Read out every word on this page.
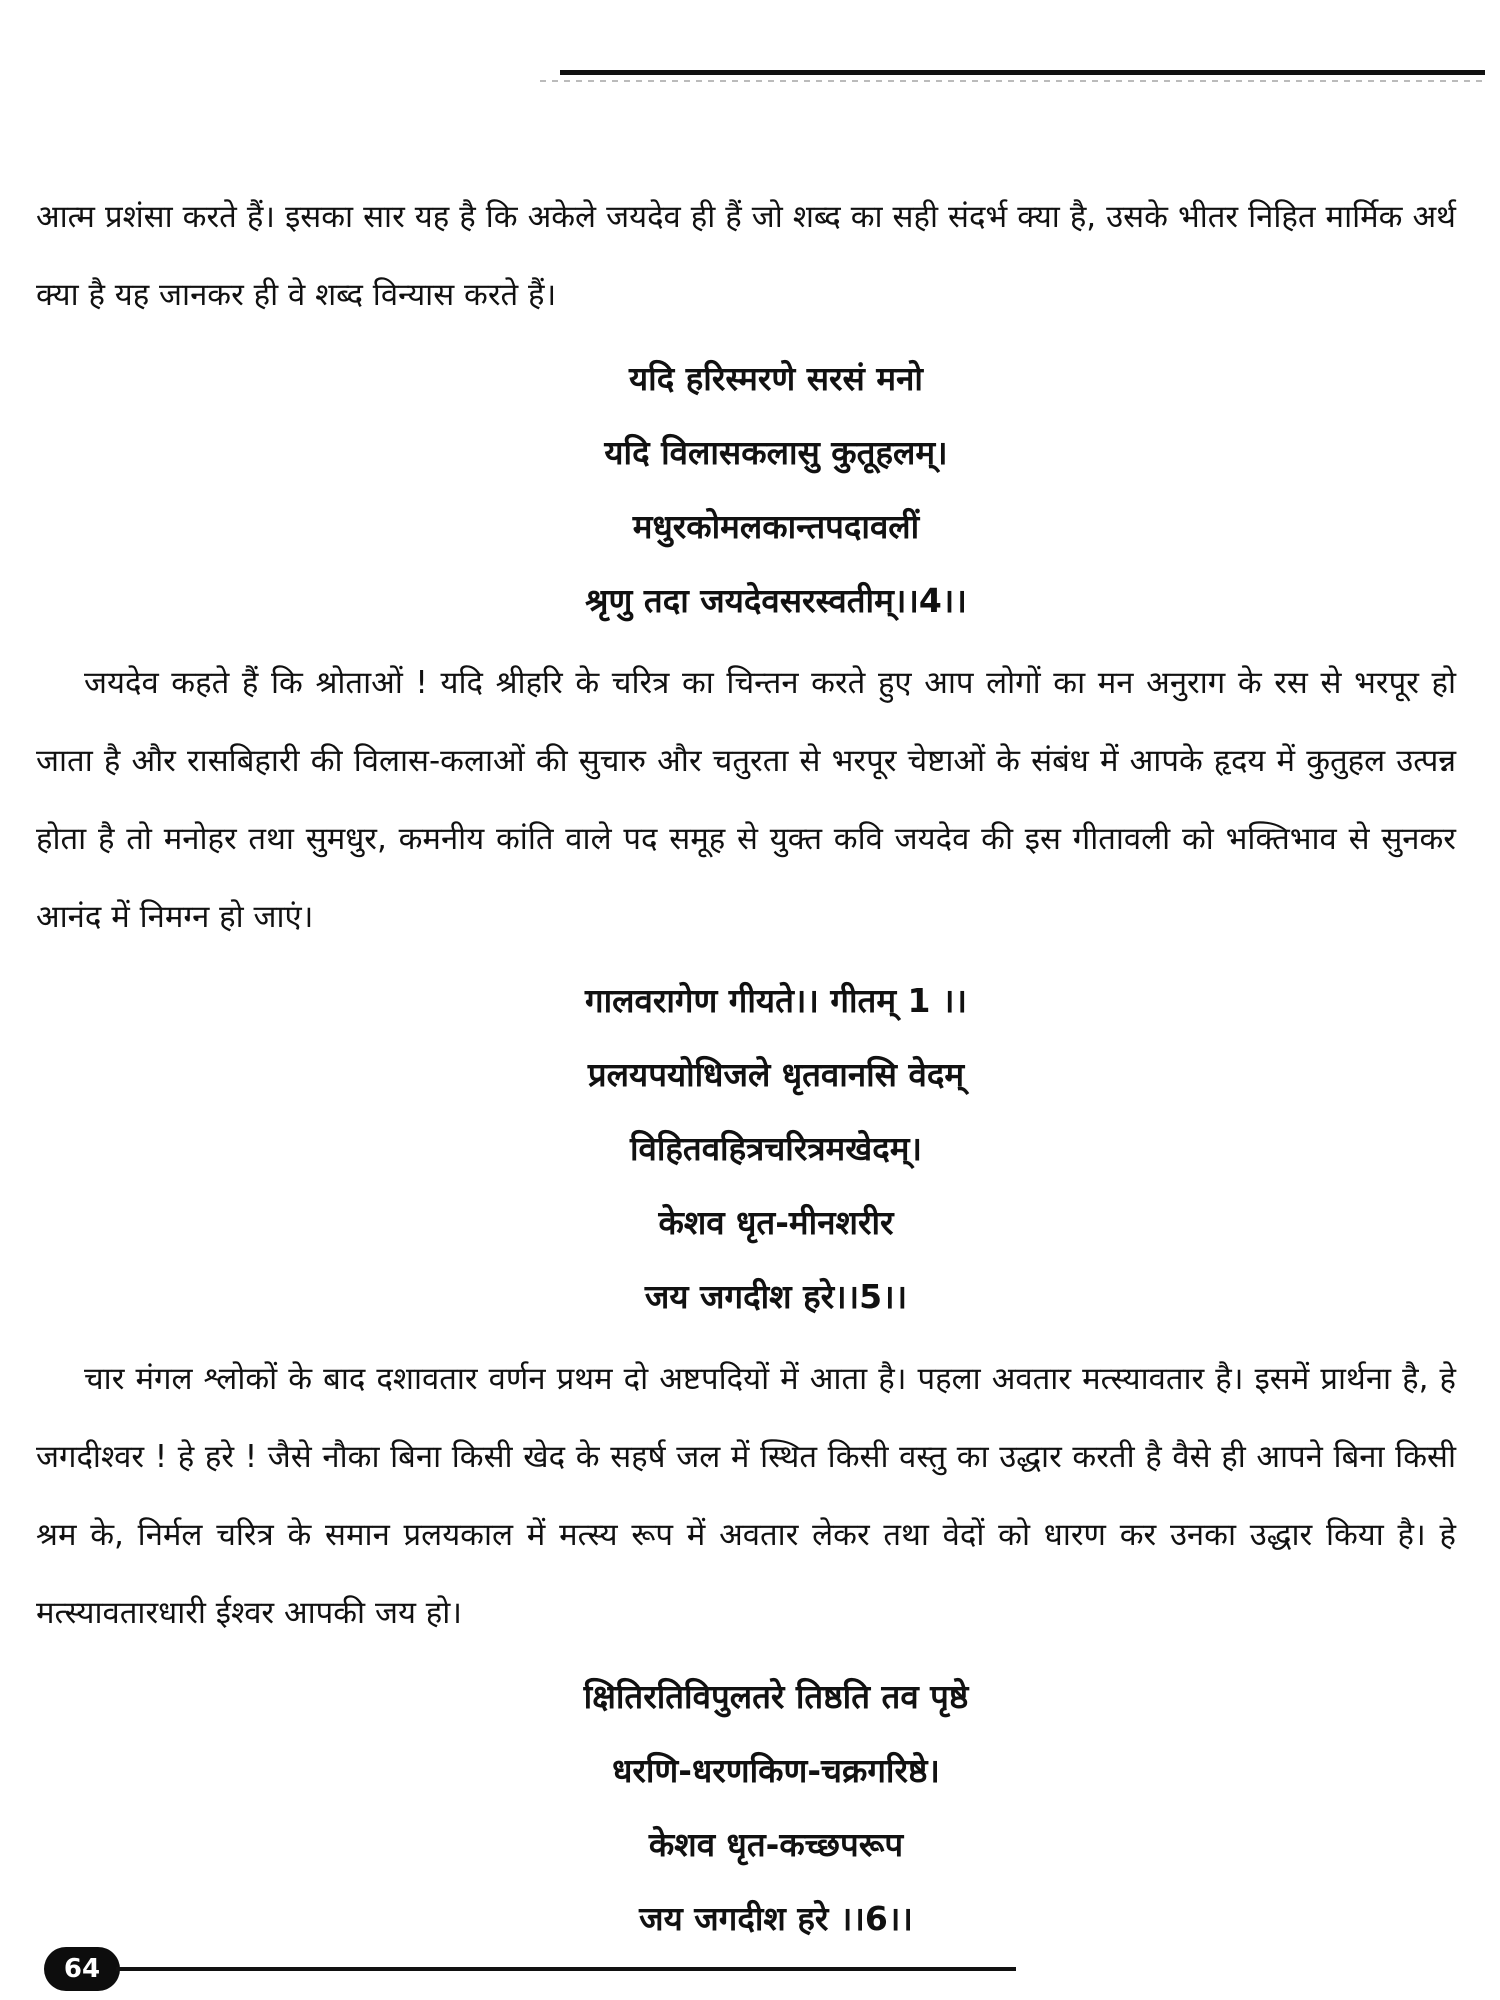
आत्म प्रशंसा करते हैं। इसका सार यह है कि अकेले जयदेव ही हैं जो शब्द का सही संदर्भ क्या है, उसके भीतर निहित मार्मिक अर्थ क्या है यह जानकर ही वे शब्द विन्यास करते हैं।

यदि हरिस्मरणे सरसं मनो

यदि विलासकलासु कुतूहलम्।

मधुरकोमलकान्तपदावलीं

श्रृणु तदा जयदेवसरस्वतीम्।।4।।

जयदेव कहते हैं कि श्रोताओं ! यदि श्रीहरि के चरित्र का चिन्तन करते हुए आप लोगों का मन अनुराग के रस से भरपूर हो जाता है और रासबिहारी की विलास-कलाओं की सुचारु और चतुरता से भरपूर चेष्टाओं के संबंध में आपके हृदय में कुतुहल उत्पन्न होता है तो मनोहर तथा सुमधुर, कमनीय कांति वाले पद समूह से युक्त कवि जयदेव की इस गीतावली को भक्तिभाव से सुनकर आनंद में निमग्न हो जाएं।

गालवरागेण गीयते।। गीतम् 1 ।।

प्रलयपयोधिजले धृतवानसि वेदम्

विहितवहित्रचरित्रमखेदम्।

केशव धृत-मीनशरीर

जय जगदीश हरे।।5।।

चार मंगल श्लोकों के बाद दशावतार वर्णन प्रथम दो अष्टपदियों में आता है। पहला अवतार मत्स्यावतार है। इसमें प्रार्थना है, हे जगदीश्वर ! हे हरे ! जैसे नौका बिना किसी खेद के सहर्ष जल में स्थित किसी वस्तु का उद्धार करती है वैसे ही आपने बिना किसी श्रम के, निर्मल चरित्र के समान प्रलयकाल में मत्स्य रूप में अवतार लेकर तथा वेदों को धारण कर उनका उद्धार किया है। हे मत्स्यावतारधारी ईश्वर आपकी जय हो।

क्षितिरतिविपुलतरे तिष्ठति तव पृष्ठे

धरणि-धरणकिण-चक्रगरिष्ठे।

केशव धृत-कच्छपरूप

जय जगदीश हरे ।।6।।

64
